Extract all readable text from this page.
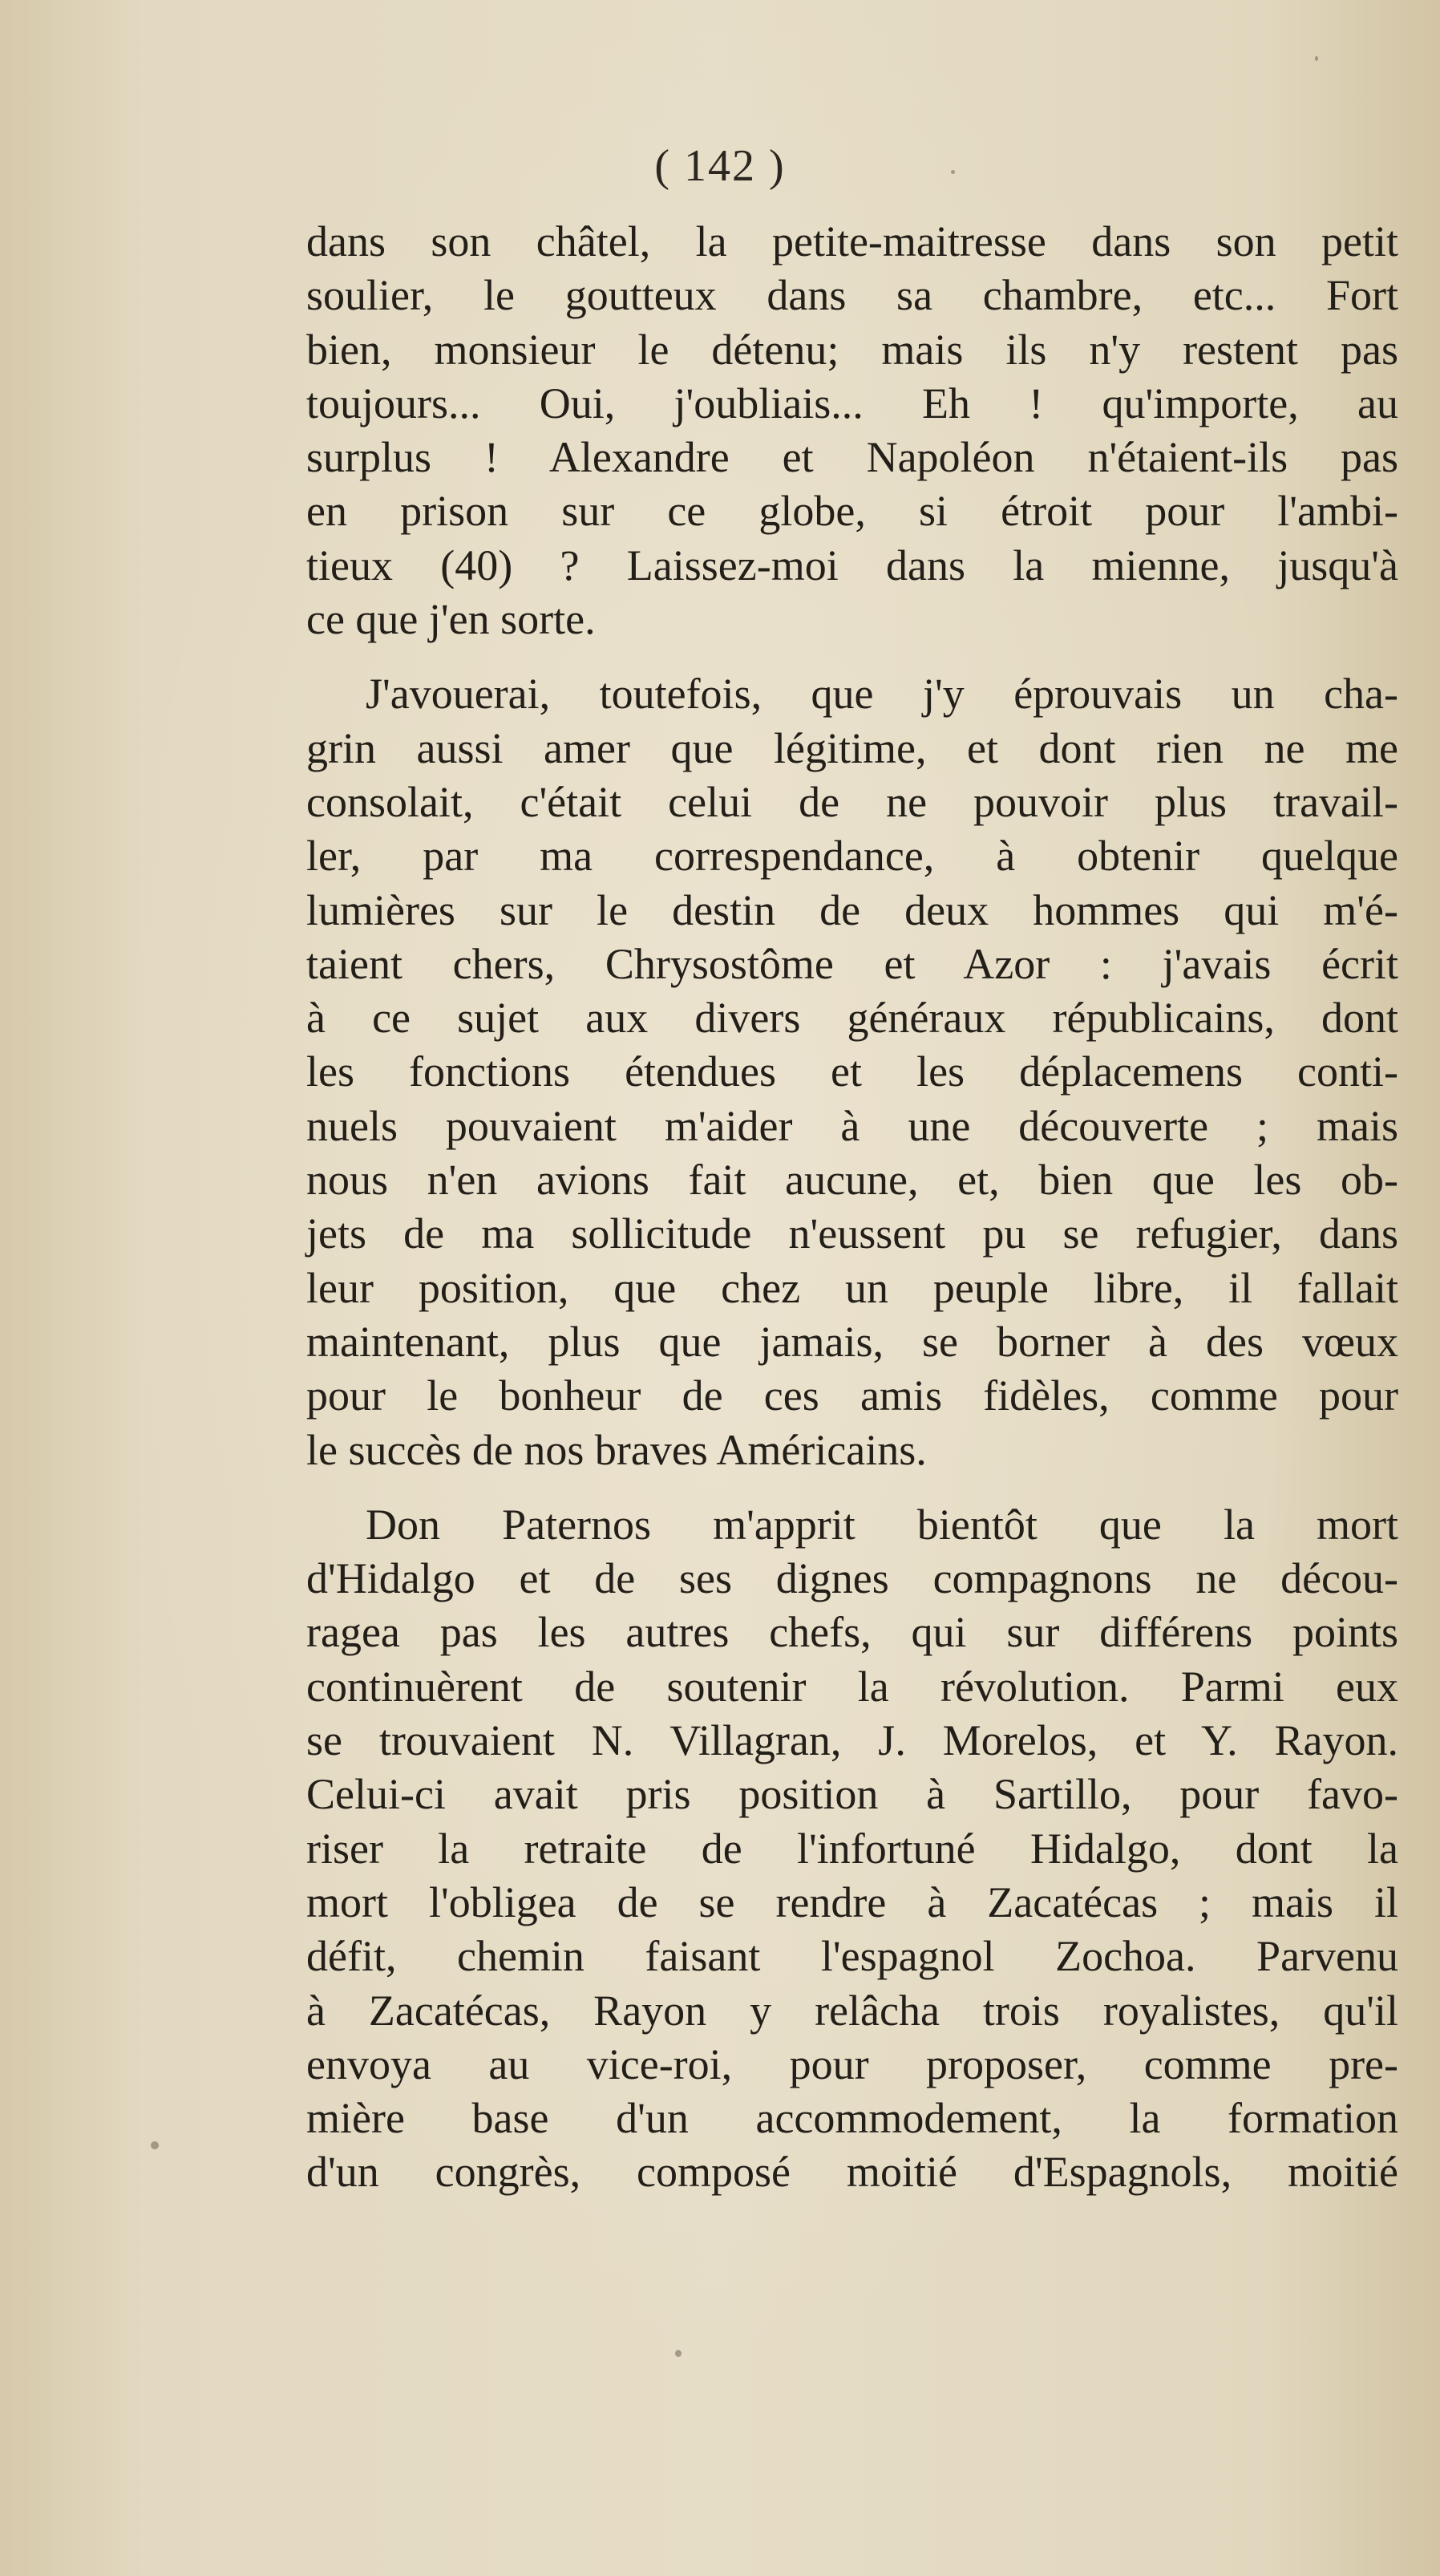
( 142 )
dans son châtel, la petite-maitresse dans son petit
soulier, le goutteux dans sa chambre, etc... Fort
bien, monsieur le détenu; mais ils n'y restent pas
toujours... Oui, j'oubliais... Eh ! qu'importe, au
surplus ! Alexandre et Napoléon n'étaient-ils pas
en prison sur ce globe, si étroit pour l'ambi-
tieux (40) ? Laissez-moi dans la mienne, jusqu'à
ce que j'en sorte.
J'avouerai, toutefois, que j'y éprouvais un cha-
grin aussi amer que légitime, et dont rien ne me
consolait, c'était celui de ne pouvoir plus travail-
ler, par ma correspendance, à obtenir quelque
lumières sur le destin de deux hommes qui m'é-
taient chers, Chrysostôme et Azor : j'avais écrit
à ce sujet aux divers généraux républicains, dont
les fonctions étendues et les déplacemens conti-
nuels pouvaient m'aider à une découverte ; mais
nous n'en avions fait aucune, et, bien que les ob-
jets de ma sollicitude n'eussent pu se refugier, dans
leur position, que chez un peuple libre, il fallait
maintenant, plus que jamais, se borner à des vœux
pour le bonheur de ces amis fidèles, comme pour
le succès de nos braves Américains.
Don Paternos m'apprit bientôt que la mort
d'Hidalgo et de ses dignes compagnons ne décou-
ragea pas les autres chefs, qui sur différens points
continuèrent de soutenir la révolution. Parmi eux
se trouvaient N. Villagran, J. Morelos, et Y. Rayon.
Celui-ci avait pris position à Sartillo, pour favo-
riser la retraite de l'infortuné Hidalgo, dont la
mort l'obligea de se rendre à Zacatécas ; mais il
défit, chemin faisant l'espagnol Zochoa. Parvenu
à Zacatécas, Rayon y relâcha trois royalistes, qu'il
envoya au vice-roi, pour proposer, comme pre-
mière base d'un accommodement, la formation
d'un congrès, composé moitié d'Espagnols, moitié
